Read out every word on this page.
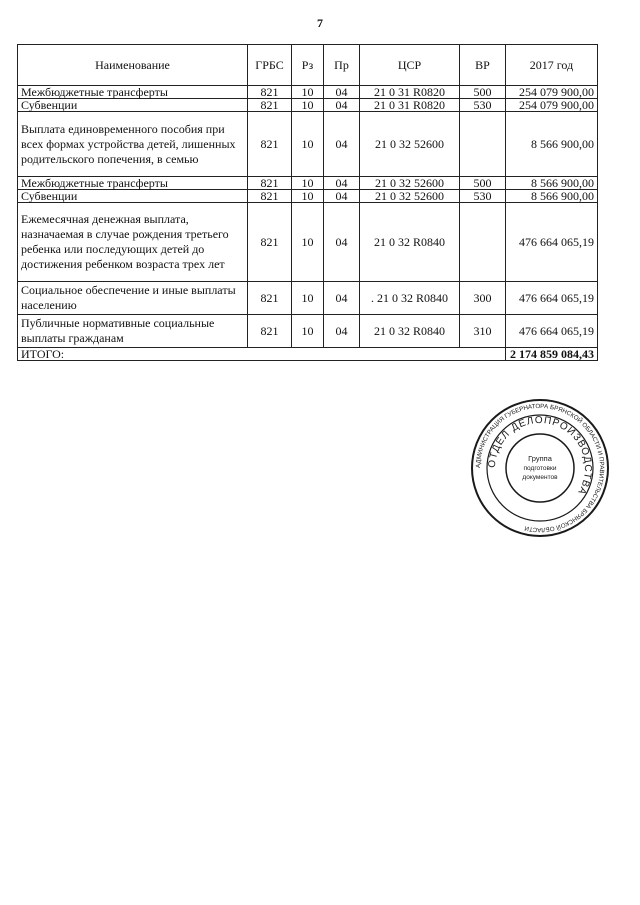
7
Наименование	ГРБС	Рз	Пр	ЦСР	ВР	2017 год
Межбюджетные трансферты	821	10	04	21 0 31 R0820	500	254 079 900,00
Субвенции	821	10	04	21 0 31 R0820	530	254 079 900,00
Выплата единовременного пособия при всех формах устройства детей, лишенных родительского попечения, в семью	821	10	04	21 0 32 52600		8 566 900,00
Межбюджетные трансферты	821	10	04	21 0 32 52600	500	8 566 900,00
Субвенции	821	10	04	21 0 32 52600	530	8 566 900,00
Ежемесячная денежная выплата, назначаемая в случае рождения третьего ребенка или последующих детей до достижения ребенком возраста трех лет	821	10	04	21 0 32 R0840		476 664 065,19
Социальное обеспечение и иные выплаты населению	821	10	04	. 21 0 32 R0840	300	476 664 065,19
Публичные нормативные социальные выплаты гражданам	821	10	04	21 0 32 R0840	310	476 664 065,19
ИТОГО:						2 174 859 084,43
АДМИНИСТРАЦИЯ ГУБЕРНАТОРА БРЯНСКОЙ ОБЛАСТИ И ПРАВИТЕЛЬСТВА БРЯНСКОЙ ОБЛАСТИ
ОТДЕЛ ДЕЛОПРОИЗВОДСТВА
Группа
подготовки
документов
